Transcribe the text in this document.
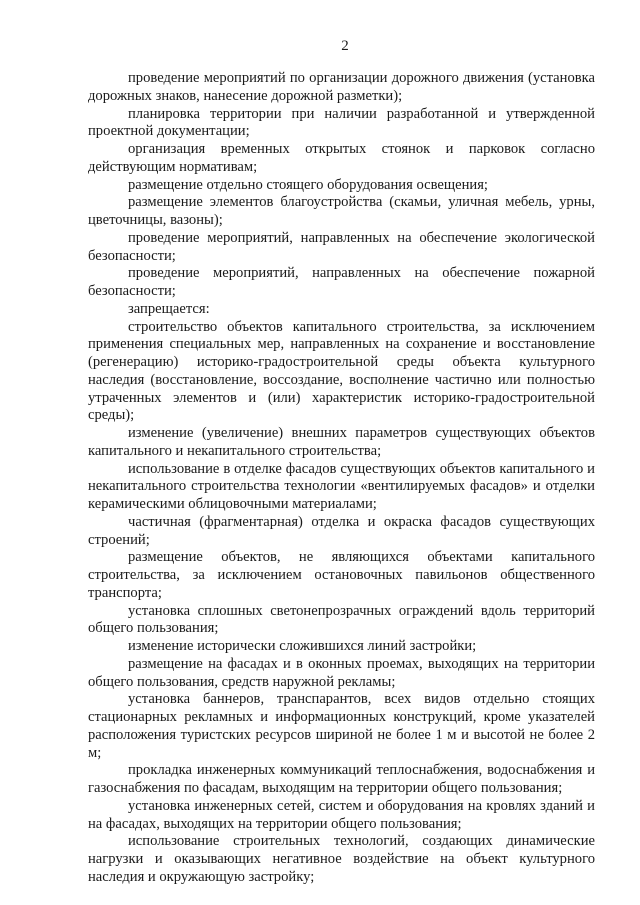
2

проведение мероприятий по организации дорожного движения (установка дорожных знаков, нанесение дорожной разметки);

планировка территории при наличии разработанной и утвержденной проектной документации;

организация временных открытых стоянок и парковок согласно действующим нормативам;

размещение отдельно стоящего оборудования освещения;

размещение элементов благоустройства (скамьи, уличная мебель, урны, цветочницы, вазоны);

проведение мероприятий, направленных на обеспечение экологической безопасности;

проведение мероприятий, направленных на обеспечение пожарной безопасности;

запрещается:

строительство объектов капитального строительства, за исключением применения специальных мер, направленных на сохранение и восстановление (регенерацию) историко-градостроительной среды объекта культурного наследия (восстановление, воссоздание, восполнение частично или полностью утраченных элементов и (или) характеристик историко-градостроительной среды);

изменение (увеличение) внешних параметров существующих объектов капитального и некапитального строительства;

использование в отделке фасадов существующих объектов капитального и некапитального строительства технологии «вентилируемых фасадов» и отделки керамическими облицовочными материалами;

частичная (фрагментарная) отделка и окраска фасадов существующих строений;

размещение объектов, не являющихся объектами капитального строительства, за исключением остановочных павильонов общественного транспорта;

установка сплошных светонепрозрачных ограждений вдоль территорий общего пользования;

изменение исторически сложившихся линий застройки;

размещение на фасадах и в оконных проемах, выходящих на территории общего пользования, средств наружной рекламы;

установка баннеров, транспарантов, всех видов отдельно стоящих стационарных рекламных и информационных конструкций, кроме указателей расположения туристских ресурсов шириной не более 1 м и высотой не более 2 м;

прокладка инженерных коммуникаций теплоснабжения, водоснабжения и газоснабжения по фасадам, выходящим на территории общего пользования;

установка инженерных сетей, систем и оборудования на кровлях зданий и на фасадах, выходящих на территории общего пользования;

использование строительных технологий, создающих динамические нагрузки и оказывающих негативное воздействие на объект культурного наследия и окружающую застройку;
